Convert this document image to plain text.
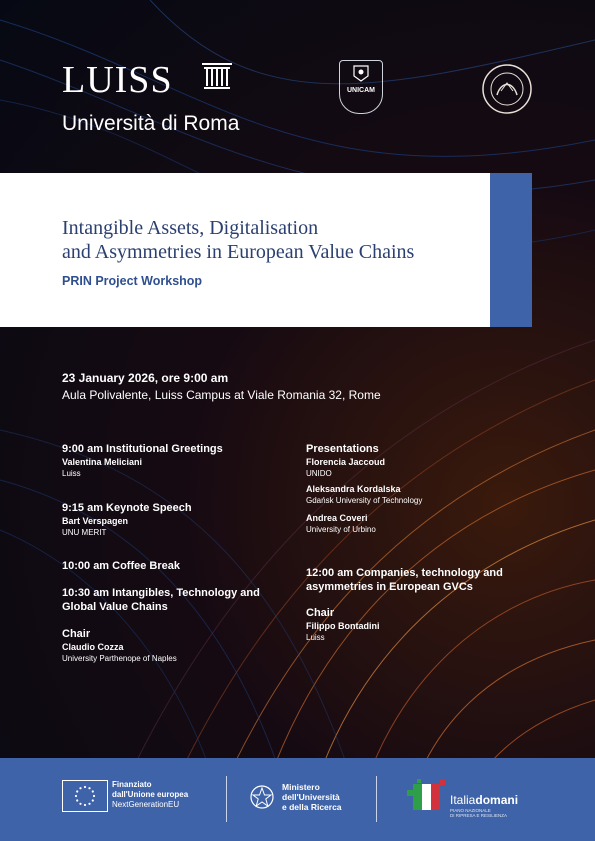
LUISS
Università di Roma
UNICAM
Intangible Assets, Digitalisation
and Asymmetries in European Value Chains
PRIN Project Workshop
23 January 2026, ore 9:00 am
Aula Polivalente, Luiss Campus at Viale Romania 32, Rome
9:00 am Institutional Greetings
Valentina Meliciani
Luiss
9:15 am Keynote Speech
Bart Verspagen
UNU MERIT
10:00 am Coffee Break
10:30 am Intangibles, Technology and
Global Value Chains
Chair
Claudio Cozza
University Parthenope of Naples
Presentations
Florencia Jaccoud
UNIDO
Aleksandra Kordalska
Gdańsk University of Technology
Andrea Coveri
University of Urbino
12:00 am Companies, technology and
asymmetries in European GVCs
Chair
Filippo Bontadini
Luiss
Finanziato
dall'Unione europea
NextGenerationEU
Ministero
dell'Università
e della Ricerca	Italiadomani
PIANO NAZIONALE
DI RIPRESA E RESILIENZA
